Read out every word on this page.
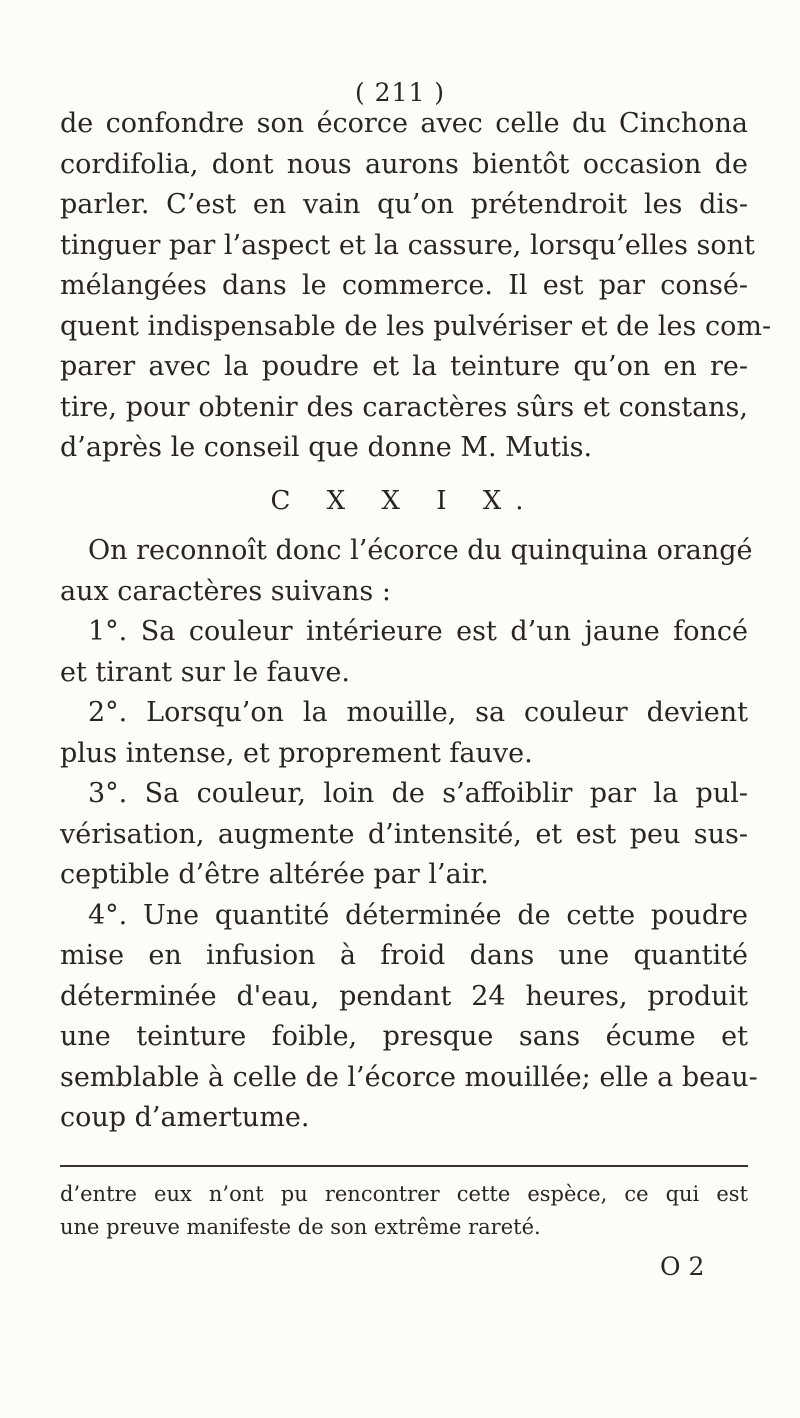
( 211 )
de confondre son écorce avec celle du Cinchona
cordifolia, dont nous aurons bientôt occasion de
parler. C’est en vain qu’on prétendroit les dis-
tinguer par l’aspect et la cassure, lorsqu’elles sont
mélangées dans le commerce. Il est par consé-
quent indispensable de les pulvériser et de les com-
parer avec la poudre et la teinture qu’on en re-
tire, pour obtenir des caractères sûrs et constans,
d’après le conseil que donne M. Mutis.
C X X I X.
On reconnoît donc l’écorce du quinquina orangé
aux caractères suivans :
1°. Sa couleur intérieure est d’un jaune foncé
et tirant sur le fauve.
2°. Lorsqu’on la mouille, sa couleur devient
plus intense, et proprement fauve.
3°. Sa couleur, loin de s’affoiblir par la pul-
vérisation, augmente d’intensité, et est peu sus-
ceptible d’être altérée par l’air.
4°. Une quantité déterminée de cette poudre
mise en infusion à froid dans une quantité
déterminée d'eau, pendant 24 heures, produit
une teinture foible, presque sans écume et
semblable à celle de l’écorce mouillée; elle a beau-
coup d’amertume.
d’entre eux n’ont pu rencontrer cette espèce, ce qui est
une preuve manifeste de son extrême rareté.
O 2
